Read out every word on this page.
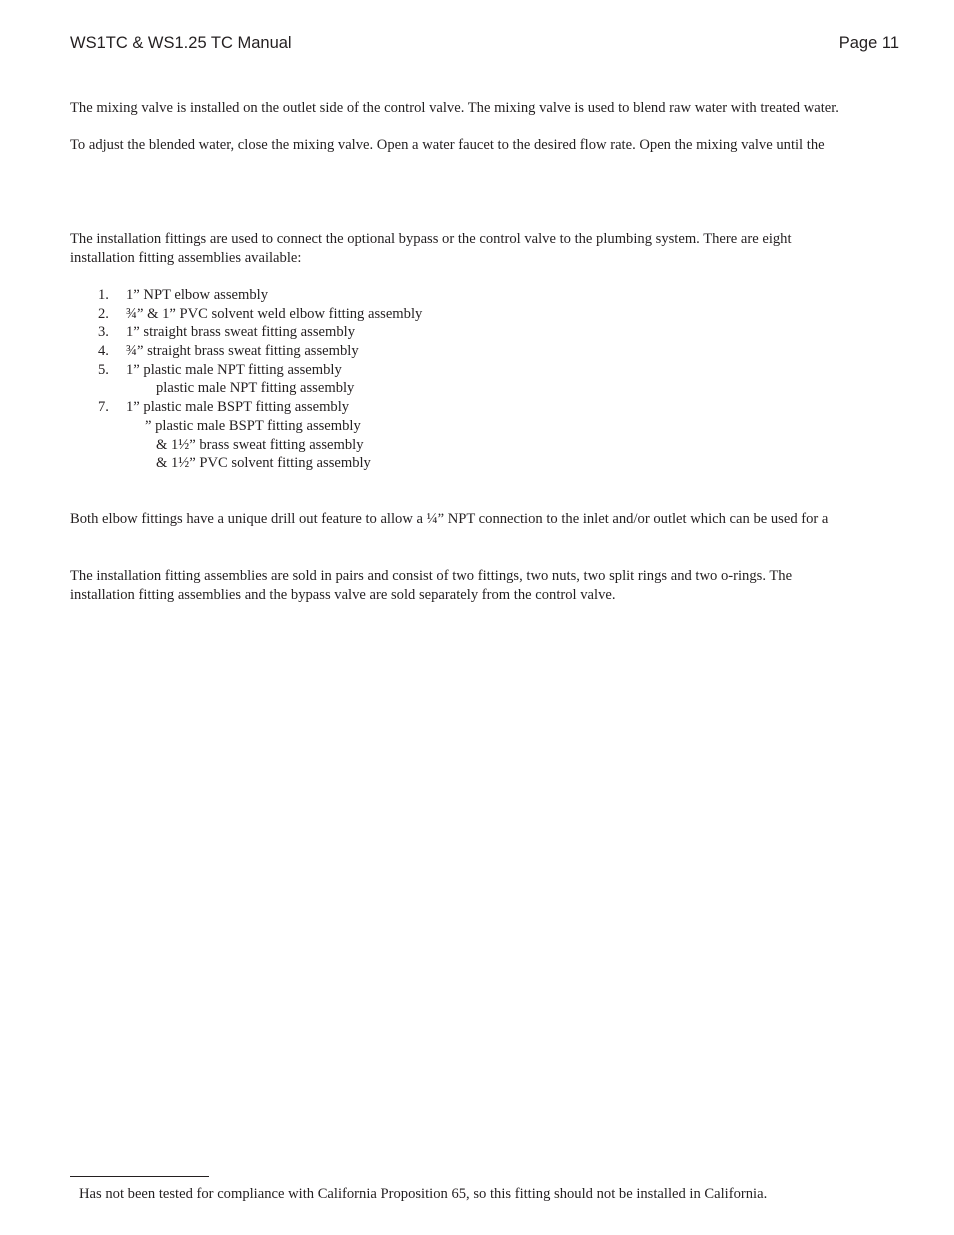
WS1TC & WS1.25 TC Manual	Page 11
The mixing valve is installed on the outlet side of the control valve. The mixing valve is used to blend raw water with treated water.
To adjust the blended water, close the mixing valve. Open a water faucet to the desired flow rate. Open the mixing valve until the
The installation fittings are used to connect the optional bypass or the control valve to the plumbing system. There are eight installation fitting assemblies available:
1. 1” NPT elbow assembly
2. ¾” & 1” PVC solvent weld elbow fitting assembly
3. 1” straight brass sweat fitting assembly
4. ¾” straight brass sweat fitting assembly
5. 1” plastic male NPT fitting assembly
plastic male NPT fitting assembly
7. 1” plastic male BSPT fitting assembly
” plastic male BSPT fitting assembly
& 1½” brass sweat fitting assembly
& 1½” PVC solvent fitting assembly
Both elbow fittings have a unique drill out feature to allow a ¼” NPT connection to the inlet and/or outlet which can be used for a
The installation fitting assemblies are sold in pairs and consist of two fittings, two nuts, two split rings and two o-rings. The installation fitting assemblies and the bypass valve are sold separately from the control valve.
Has not been tested for compliance with California Proposition 65, so this fitting should not be installed in California.
